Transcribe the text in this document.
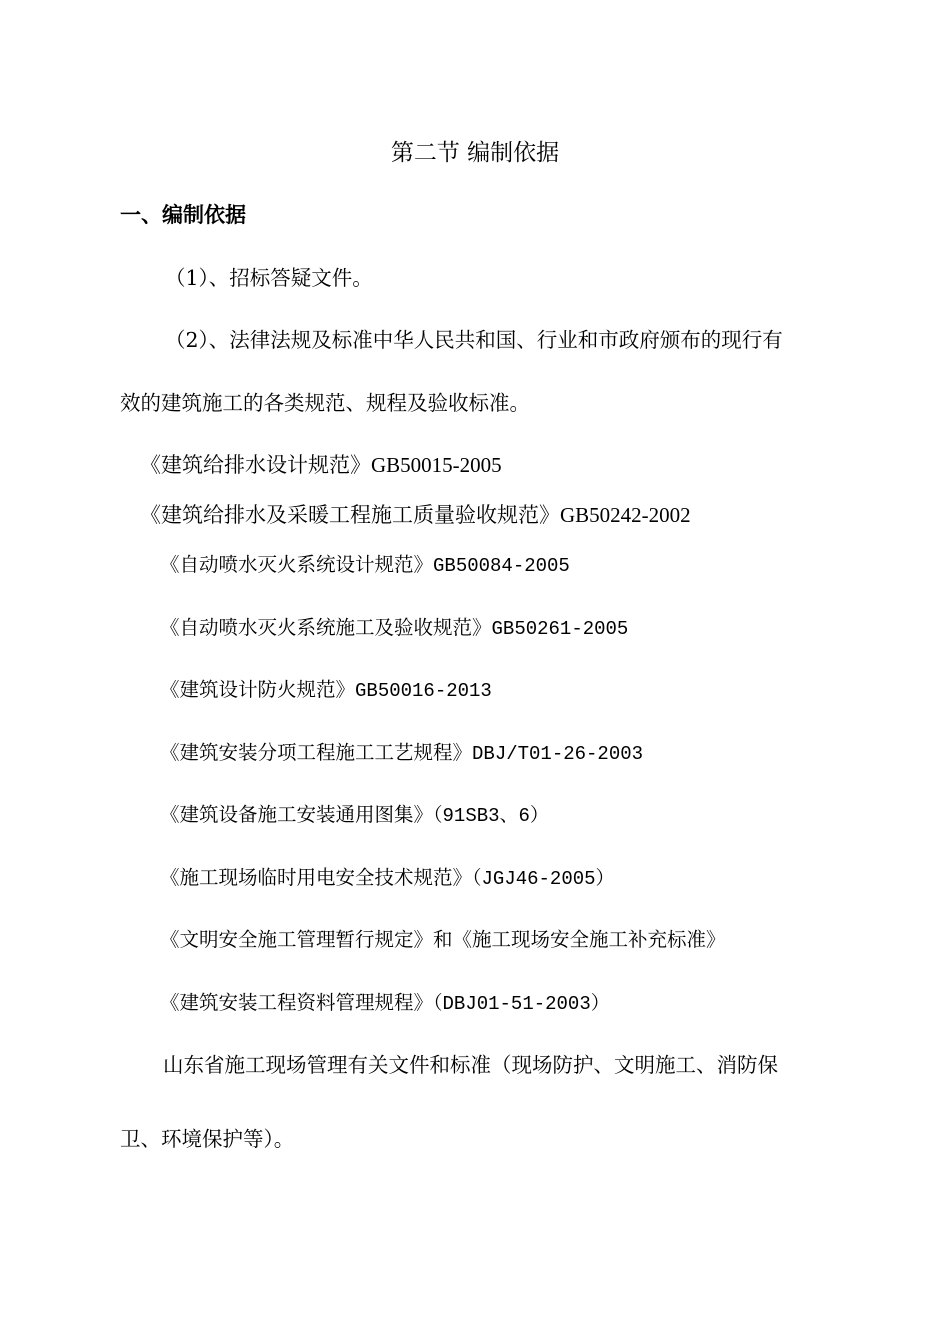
第二节 编制依据
一、编制依据
（1）、招标答疑文件。
（2）、法律法规及标准中华人民共和国、行业和市政府颁布的现行有
效的建筑施工的各类规范、规程及验收标准。
《建筑给排水设计规范》GB50015-2005
《建筑给排水及采暖工程施工质量验收规范》GB50242-2002
《自动喷水灭火系统设计规范》GB50084-2005
《自动喷水灭火系统施工及验收规范》GB50261-2005
《建筑设计防火规范》GB50016-2013
《建筑安装分项工程施工工艺规程》DBJ/T01-26-2003
《建筑设备施工安装通用图集》（91SB3、6）
《施工现场临时用电安全技术规范》（JGJ46-2005）
《文明安全施工管理暂行规定》和《施工现场安全施工补充标准》
《建筑安装工程资料管理规程》（DBJ01-51-2003）
山东省施工现场管理有关文件和标准（现场防护、文明施工、消防保
卫、环境保护等）。
